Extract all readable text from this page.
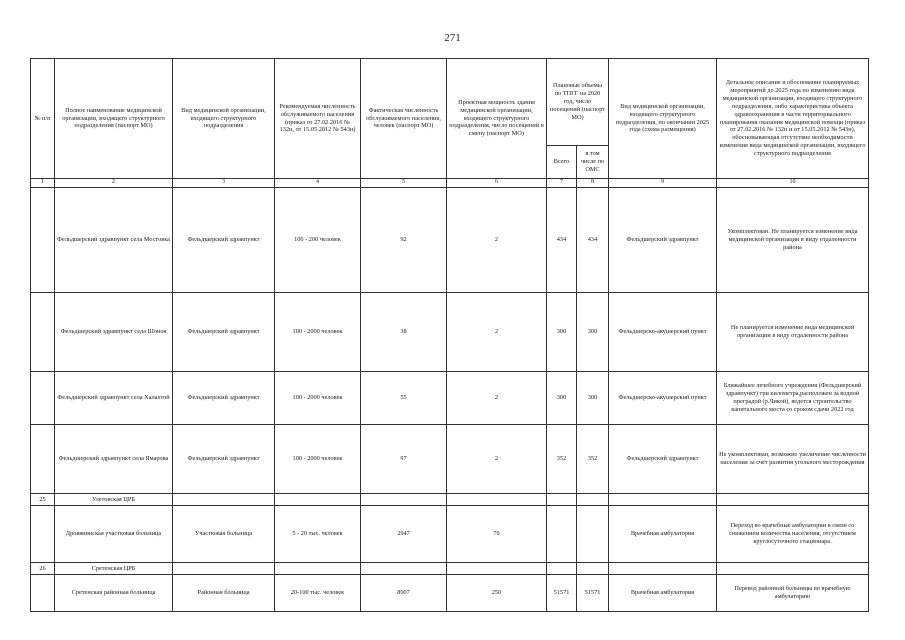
271
№ п/п	Полное наименование медицинской организации, входящего структурного подразделения (паспорт МО)	Вид медицинской организации, входящего структурного подразделения	Рекомендуемая численность обслуживаемого населения (приказ от 27.02.2016 № 132н, от 15.05.2012 № 543н)	Фактическая численность обслуживаемого населения, человек (паспорт МО)	Проектная мощность здания медицинской организации, входящего структурного подразделения, число посещений в смену (паспорт МО)	Плановые объемы по ТПГГ на 2020 год, число посещений (паспорт МО)		Вид медицинской организации, входящего структурного подразделения, по окончании 2025 года (схема размещения)	Детальное описание и обоснование планируемых мероприятий до 2025 года по изменению вида медицинской организации, входящего структурного подразделения, либо характеристика объекта здравоохранения в части территориального планирования оказания медицинской помощи (приказ от 27.02.2016 № 132н и от 15.05.2012 № 543н), обосновывающая отсутствие необходимости изменения вида медицинской организации, входящего структурного подразделения
						Всего	в том числе по ОМС		
1	2	3	4	5	6	7	8	9	10
	Фельдшерский здравпункт села Мостовка	Фельдшерский здравпункт	100 - 200 человек	92	2	434	434	Фельдшерский здравпункт	Укомплектован. Не планируется изменение вида медицинской организации в виду отдаленности района
	Фельдшерский здравпункт села Шоноя	Фельдшерский здравпункт	100 - 2000 человек	38	2	300	300	Фельдшерско-акушерский пункт	Не планируется изменение вида медицинской организации в виду отдаленности района
	Фельдшерский здравпункт села Халахтой	Фельдшерский здравпункт	100 - 2000 человек	55	2	300	300	Фельдшерско-акушерский пункт	Ближайшее лечебного учреждения (Фельдшерский здравпункт) три километра,расположен за водной преградой (р.Чикой), ведется строительство капитального моста со сроком сдачи 2022 год
	Фельдшерский здравпункт села Ямарова	Фельдшерский здравпункт	100 - 2000 человек	97	2	352	352	Фельдшерский здравпункт	Не укомплектован, возможно увеличение численности населения за счёт развития угольного месторождения
25	Улетовская ЦРБ								
	Дровянинская участковая больница	Участковая больница	5 - 20 тыс. человек	2947	70			Врачебная амбулатория	Переход во врачебные амбулатории в связи со снижением количества населения, отсутствием круглосуточного стационара.
26	Сретенская ЦРБ								
	Сретенская районная больница	Районная больница	20-100 тыс. человек	8907	250	51571	51571	Врачебная амбулатория	Перевод районной больницы во врачебную амбулаторию
